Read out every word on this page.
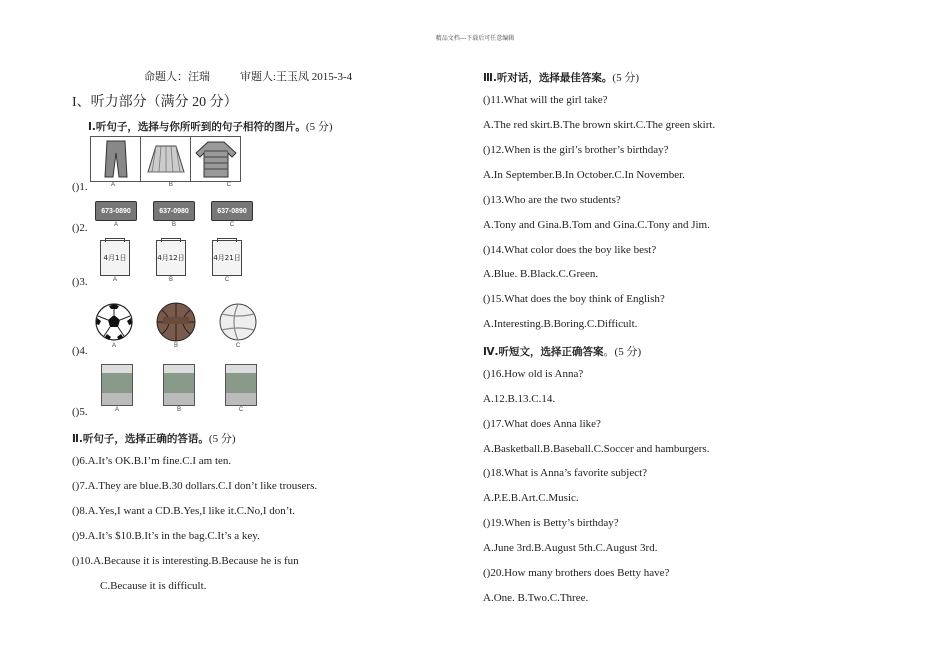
精品文档---下载后可任意编辑
命题人：汪瑞	审题人:王玉凤 2015-3-4
I、听力部分（满分 20 分）
Ⅰ.听句子，选择与你所听到的句子相符的图片。(5 分)
()1.	A	B	C
()2.
673-0890
A
637-0980
B
637-0890
C
()3.
4月1日
A
4月12日
B
4月21日
C
()4.	A	B	C
()5.	A	B	C
Ⅱ.听句子，选择正确的答语。(5 分)
()6.A.It’s OK.B.I’m fine.C.I am ten.
()7.A.They are blue.B.30 dollars.C.I don’t like trousers.
()8.A.Yes,I want a CD.B.Yes,I like it.C.No,I don’t.
()9.A.It’s $10.B.It’s in the bag.C.It’s a key.
()10.A.Because it is interesting.B.Because he is fun
C.Because it is difficult.
Ⅲ.听对话，选择最佳答案。(5 分)
()11.What will the girl take?
A.The red skirt.B.The brown skirt.C.The green skirt.
()12.When is the girl’s brother’s birthday?
A.In September.B.In October.C.In November.
()13.Who are the two students?
A.Tony and Gina.B.Tom and Gina.C.Tony and Jim.
()14.What color does the boy like best?
A.Blue. B.Black.C.Green.
()15.What does the boy think of English?
A.Interesting.B.Boring.C.Difficult.
Ⅳ.听短文，选择正确答案。(5 分)
()16.How old is Anna?
A.12.B.13.C.14.
()17.What does Anna like?
A.Basketball.B.Baseball.C.Soccer and hamburgers.
()18.What is Anna’s favorite subject?
A.P.E.B.Art.C.Music.
()19.When is Betty’s birthday?
A.June 3rd.B.August 5th.C.August 3rd.
()20.How many brothers does Betty have?
A.One. B.Two.C.Three.
